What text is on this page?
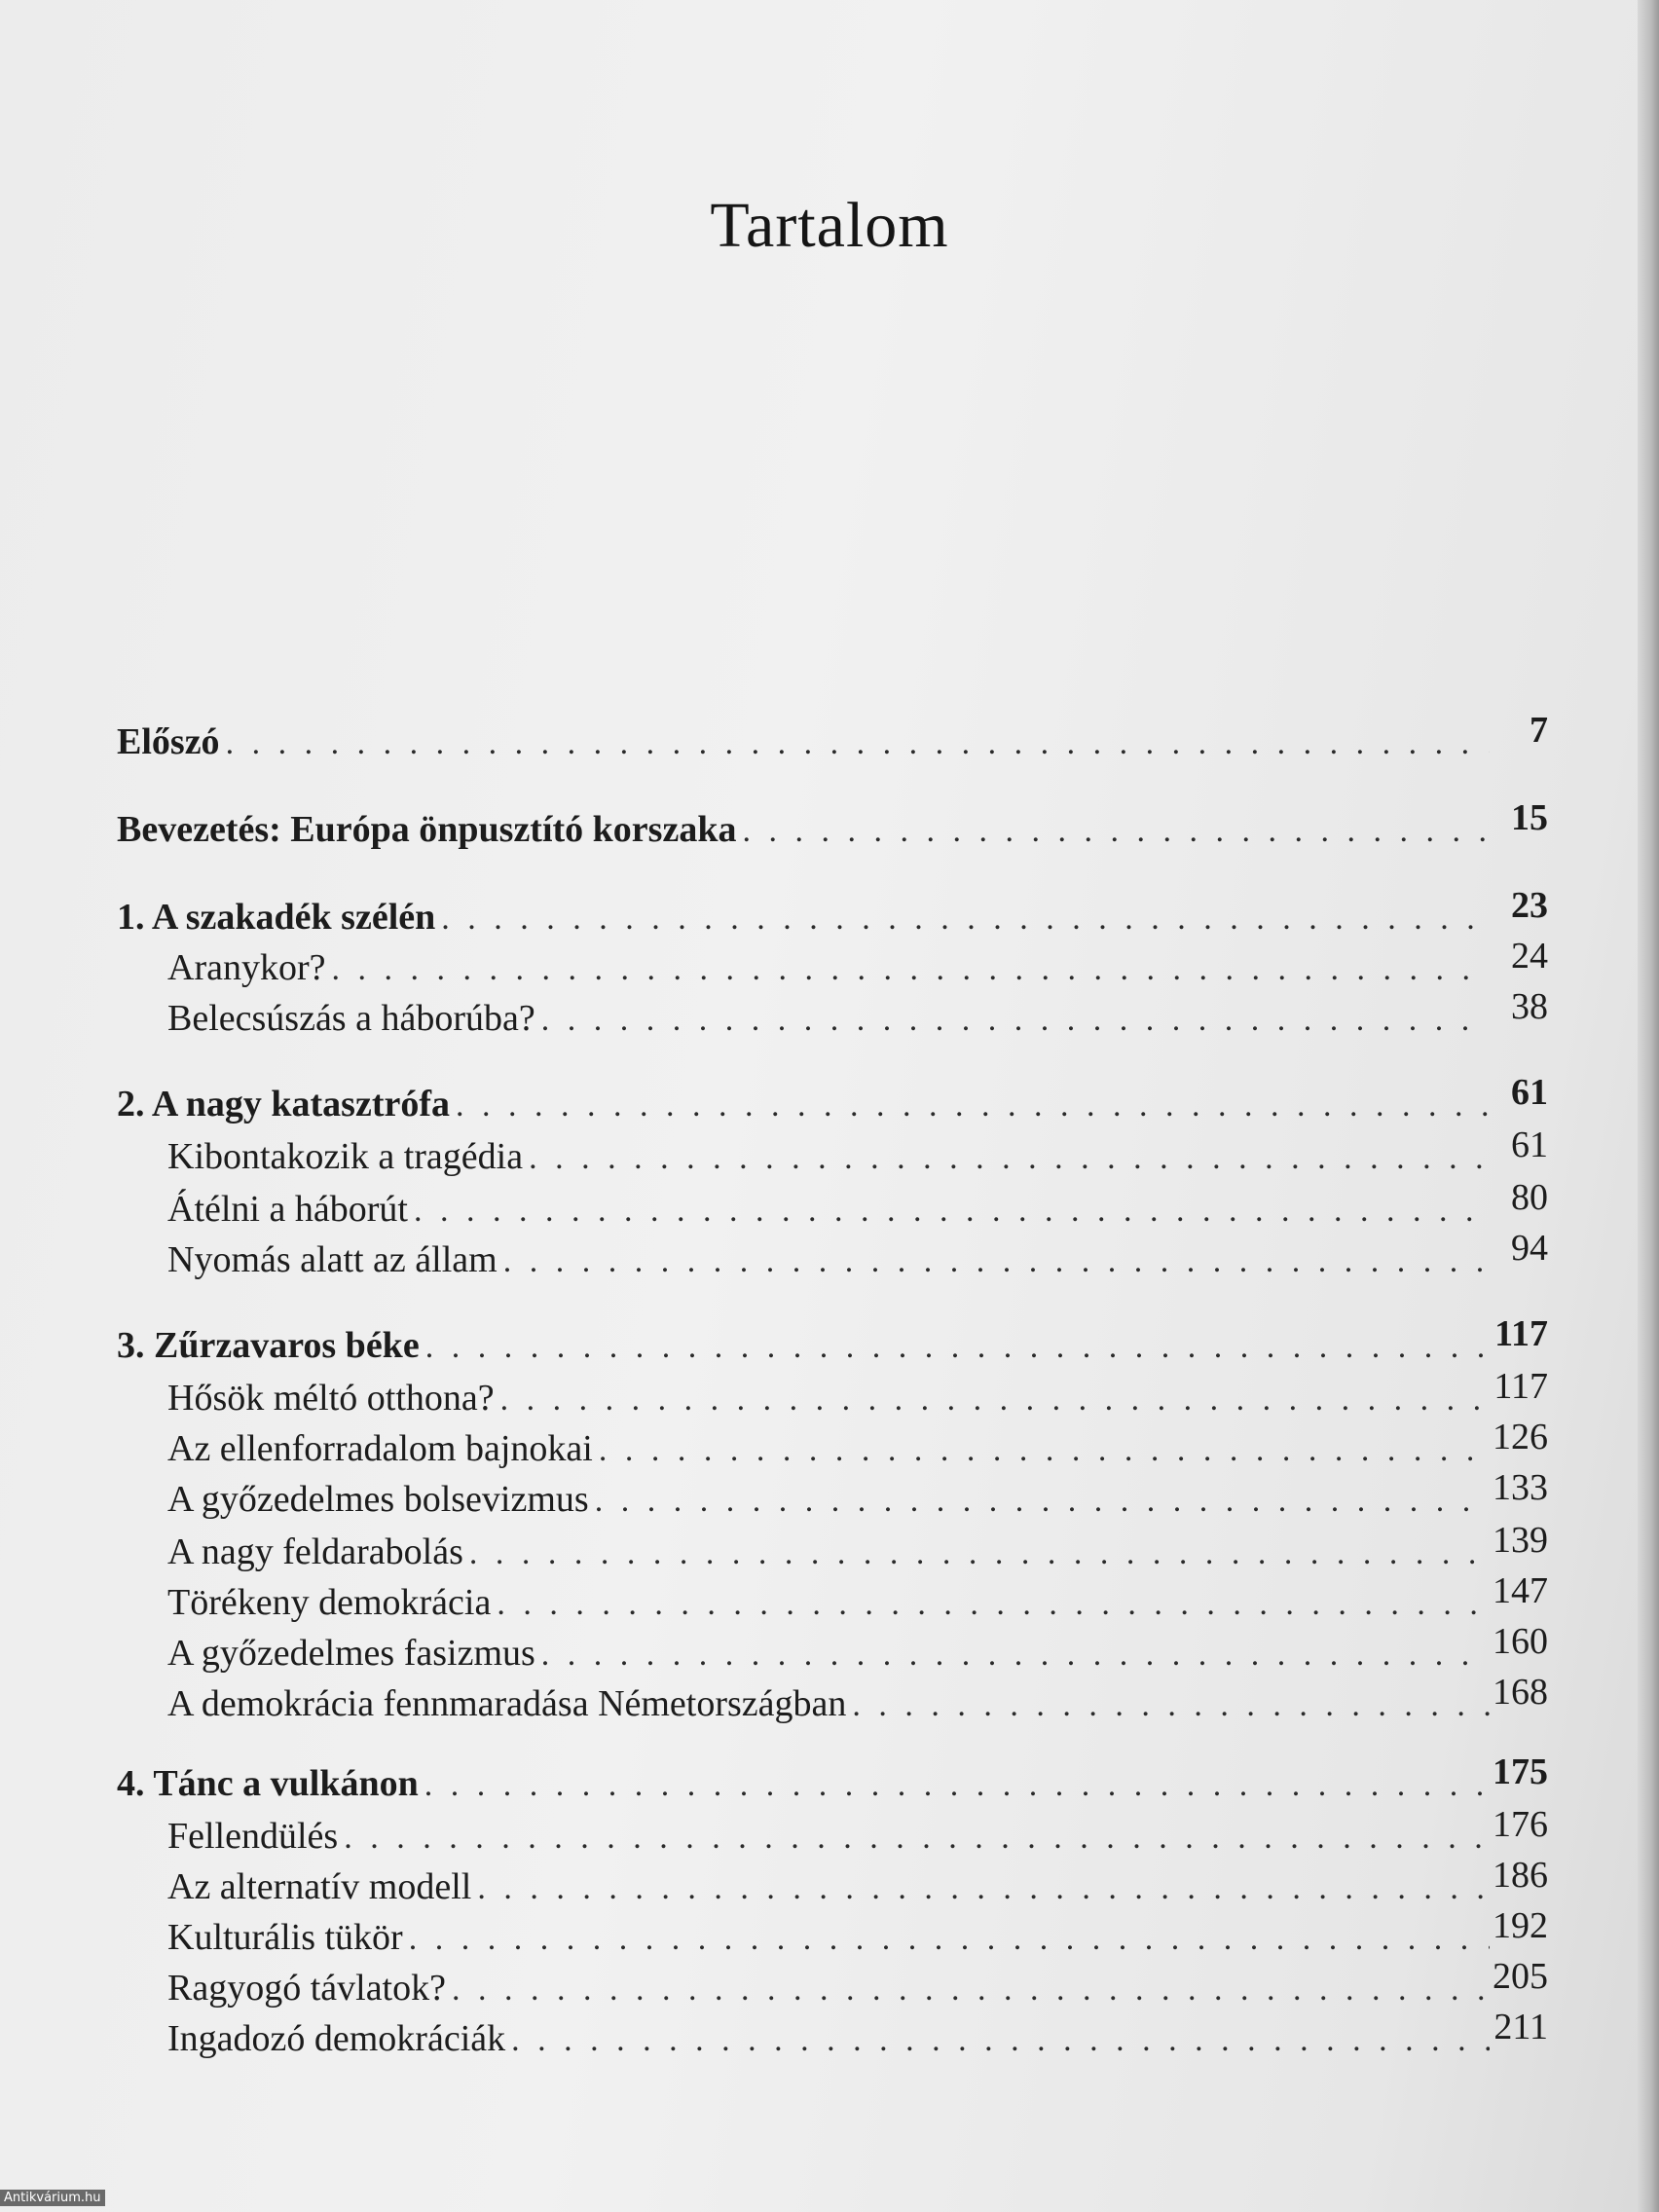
Tartalom
Előszó . . .	7
Bevezetés: Európa önpusztító korszaka . . .	15
1. A szakadék szélén . . .	23
Aranykor? . . .	24
Belecsúszás a háborúba? . . .	38
2. A nagy katasztrófa . . .	61
Kibontakozik a tragédia . . .	61
Átélni a háborút . . .	80
Nyomás alatt az állam . . .	94
3. Zűrzavaros béke . . .	117
Hősök méltó otthona? . . .	117
Az ellenforradalom bajnokai . . .	126
A győzedelmes bolsevizmus . . .	133
A nagy feldarabolás . . .	139
Törékeny demokrácia . . .	147
A győzedelmes fasizmus . . .	160
A demokrácia fennmaradása Németországban . . .	168
4. Tánc a vulkánon . . .	175
Fellendülés . . .	176
Az alternatív modell . . .	186
Kulturális tükör . . .	192
Ragyogó távlatok? . . .	205
Ingadozó demokráciák . . .	211
Antikvárium.hu
